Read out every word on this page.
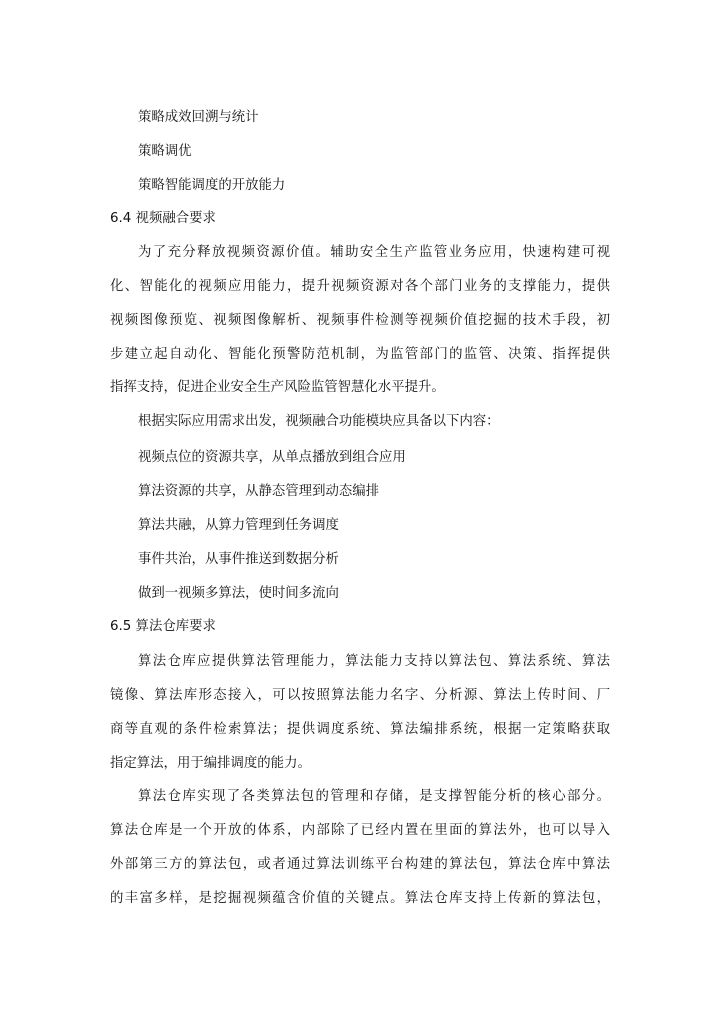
策略成效回溯与统计
策略调优
策略智能调度的开放能力
6.4 视频融合要求
为了充分释放视频资源价值。辅助安全生产监管业务应用，快速构建可视
化、智能化的视频应用能力，提升视频资源对各个部门业务的支撑能力，提供
视频图像预览、视频图像解析、视频事件检测等视频价值挖掘的技术手段，初
步建立起自动化、智能化预警防范机制，为监管部门的监管、决策、指挥提供
指挥支持，促进企业安全生产风险监管智慧化水平提升。
根据实际应用需求出发，视频融合功能模块应具备以下内容：
视频点位的资源共享，从单点播放到组合应用
算法资源的共享，从静态管理到动态编排
算法共融，从算力管理到任务调度
事件共治，从事件推送到数据分析
做到一视频多算法，使时间多流向
6.5 算法仓库要求
算法仓库应提供算法管理能力，算法能力支持以算法包、算法系统、算法
镜像、算法库形态接入，可以按照算法能力名字、分析源、算法上传时间、厂
商等直观的条件检索算法；提供调度系统、算法编排系统，根据一定策略获取
指定算法，用于编排调度的能力。
算法仓库实现了各类算法包的管理和存储，是支撑智能分析的核心部分。
算法仓库是一个开放的体系，内部除了已经内置在里面的算法外，也可以导入
外部第三方的算法包，或者通过算法训练平台构建的算法包，算法仓库中算法
的丰富多样，是挖掘视频蕴含价值的关键点。算法仓库支持上传新的算法包，
